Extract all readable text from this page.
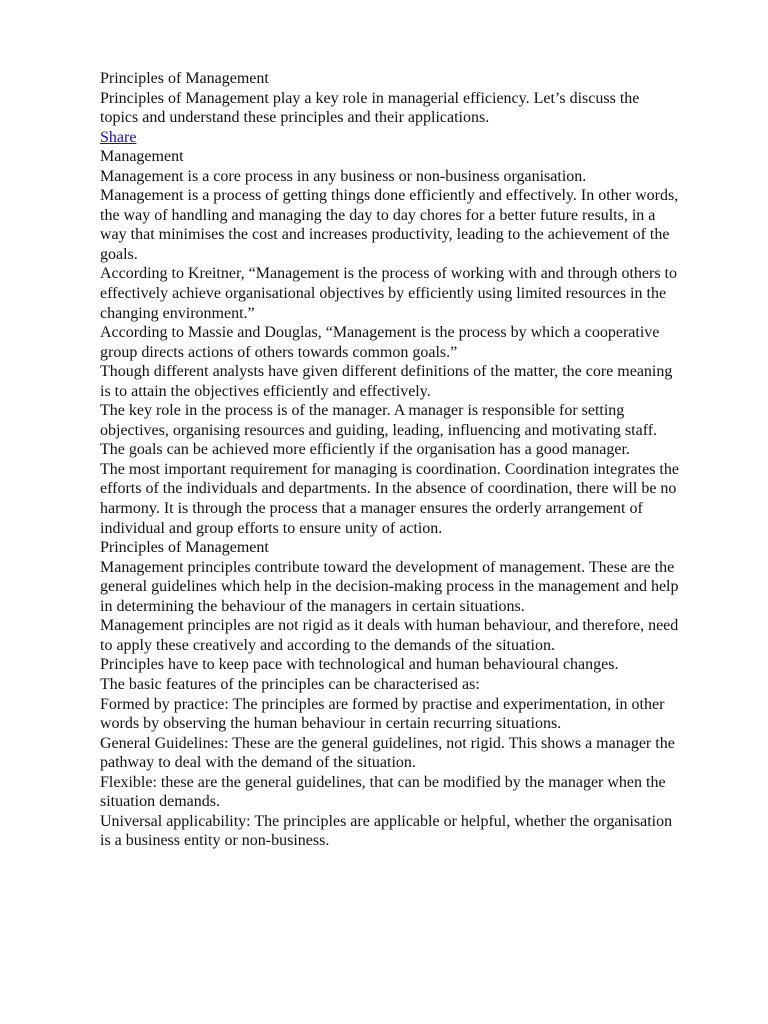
Principles of Management

Principles of Management play a key role in managerial efficiency. Let’s discuss the topics and understand these principles and their applications.

Share

Management

Management is a core process in any business or non-business organisation.

Management is a process of getting things done efficiently and effectively. In other words, the way of handling and managing the day to day chores for a better future results, in a way that minimises the cost and increases productivity, leading to the achievement of the goals.

According to Kreitner, “Management is the process of working with and through others to effectively achieve organisational objectives by efficiently using limited resources in the changing environment.”

According to Massie and Douglas, “Management is the process by which a cooperative group directs actions of others towards common goals.”

Though different analysts have given different definitions of the matter, the core meaning is to attain the objectives efficiently and effectively.

The key role in the process is of the manager. A manager is responsible for setting objectives, organising resources and guiding, leading, influencing and motivating staff. The goals can be achieved more efficiently if the organisation has a good manager.

The most important requirement for managing is coordination. Coordination integrates the efforts of the individuals and departments. In the absence of coordination, there will be no harmony. It is through the process that a manager ensures the orderly arrangement of individual and group efforts to ensure unity of action.

Principles of Management

Management principles contribute toward the development of management. These are the general guidelines which help in the decision-making process in the management and help in determining the behaviour of the managers in certain situations.

Management principles are not rigid as it deals with human behaviour, and therefore, need to apply these creatively and according to the demands of the situation.

Principles have to keep pace with technological and human behavioural changes.

The basic features of the principles can be characterised as:

Formed by practice: The principles are formed by practise and experimentation, in other words by observing the human behaviour in certain recurring situations.

General Guidelines: These are the general guidelines, not rigid. This shows a manager the pathway to deal with the demand of the situation.

Flexible: these are the general guidelines, that can be modified by the manager when the situation demands.

Universal applicability: The principles are applicable or helpful, whether the organisation is a business entity or non-business.
